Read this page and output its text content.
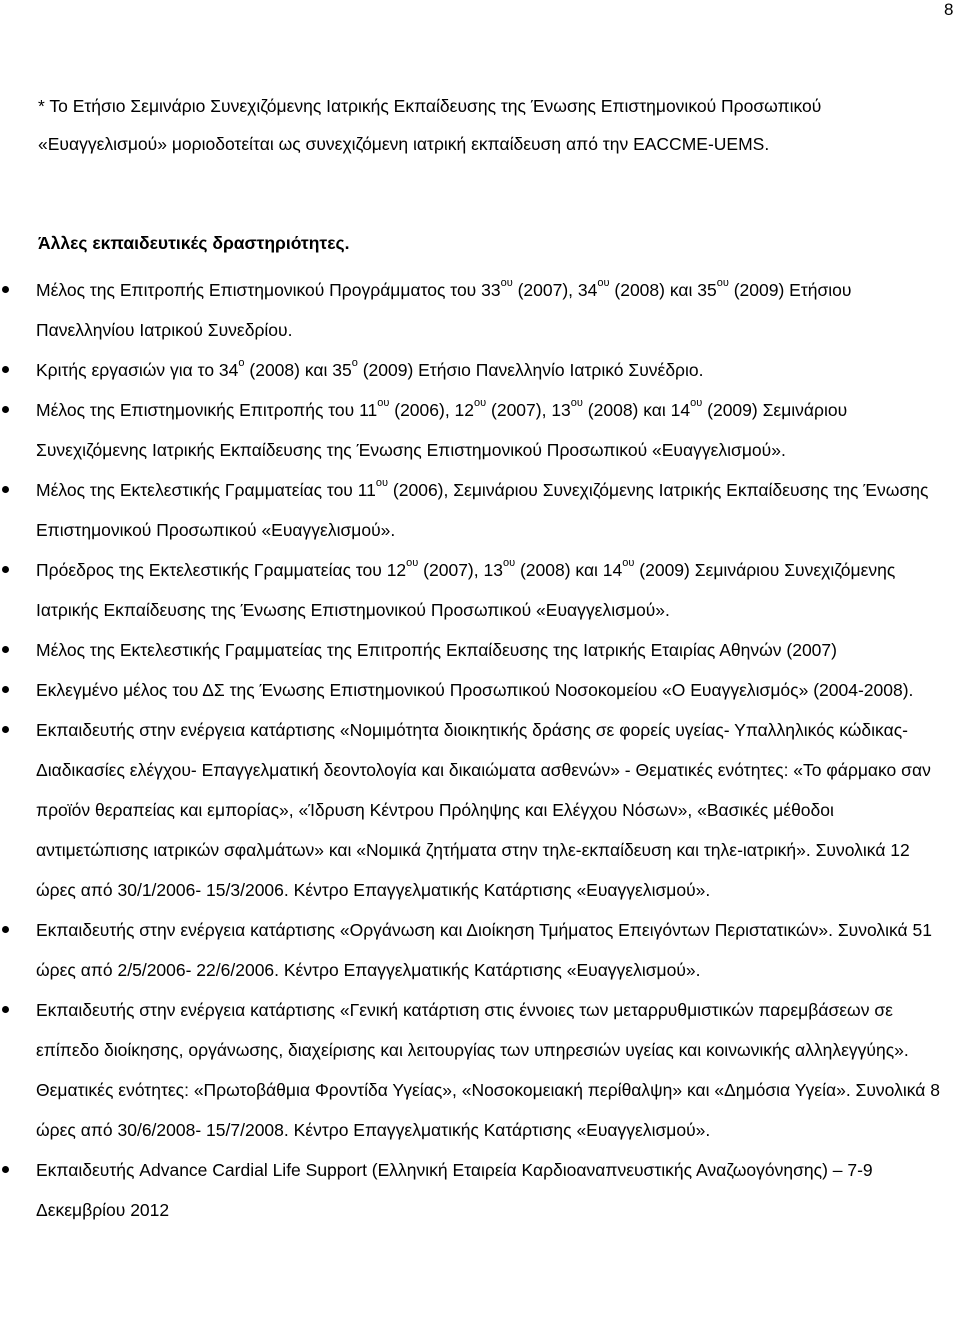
8

* Το Ετήσιο Σεμινάριο Συνεχιζόμενης Ιατρικής Εκπαίδευσης της Ένωσης Επιστημονικού Προσωπικού «Ευαγγελισμού» μοριοδοτείται ως συνεχιζόμενη ιατρική εκπαίδευση από την EACCME-UEMS.

Άλλες εκπαιδευτικές δραστηριότητες.
Μέλος της Επιτροπής Επιστημονικού Προγράμματος του $33^{o\upsilon}$ (2007), $34^{o\upsilon}$ (2008) και $35^{o\upsilon}$ (2009) Ετήσιου Πανελληνίου Ιατρικού Συνεδρίου.
Κριτής εργασιών για το $34^o$ (2008) και $35^o$ (2009) Ετήσιο Πανελληνίο Ιατρικό Συνέδριο.
Μέλος της Επιστημονικής Επιτροπής του $11^{o\upsilon}$ (2006), $12^{o\upsilon}$ (2007), $13^{o\upsilon}$ (2008) και $14^{o\upsilon}$ (2009) Σεμινάριου Συνεχιζόμενης Ιατρικής Εκπαίδευσης της Ένωσης Επιστημονικού Προσωπικού «Ευαγγελισμού».
Μέλος της Εκτελεστικής Γραμματείας του $11^{o\upsilon}$ (2006), Σεμινάριου Συνεχιζόμενης Ιατρικής Εκπαίδευσης της Ένωσης Επιστημονικού Προσωπικού «Ευαγγελισμού».
Πρόεδρος της Εκτελεστικής Γραμματείας του $12^{o\upsilon}$ (2007), $13^{o\upsilon}$ (2008) και $14^{o\upsilon}$ (2009) Σεμινάριου Συνεχιζόμενης Ιατρικής Εκπαίδευσης της Ένωσης Επιστημονικού Προσωπικού «Ευαγγελισμού».
Μέλος της Εκτελεστικής Γραμματείας της Επιτροπής Εκπαίδευσης της Ιατρικής Εταιρίας Αθηνών (2007)
Εκλεγμένο μέλος του ΔΣ της Ένωσης Επιστημονικού Προσωπικού Νοσοκομείου «Ο Ευαγγελισμός» (2004-2008).
Εκπαιδευτής στην ενέργεια κατάρτισης «Νομιμότητα διοικητικής δράσης σε φορείς υγείας- Υπαλληλικός κώδικας- Διαδικασίες ελέγχου- Επαγγελματική δεοντολογία και δικαιώματα ασθενών» - Θεματικές ενότητες: «Το φάρμακο σαν προϊόν θεραπείας και εμπορίας», «Ίδρυση Κέντρου Πρόληψης και Ελέγχου Νόσων», «Βασικές μέθοδοι αντιμετώπισης ιατρικών σφαλμάτων» και «Νομικά ζητήματα στην τηλε-εκπαίδευση και τηλε-ιατρική». Συνολικά 12 ώρες από 30/1/2006- 15/3/2006. Κέντρο Επαγγελματικής Κατάρτισης «Ευαγγελισμού».
Εκπαιδευτής στην ενέργεια κατάρτισης «Οργάνωση και Διοίκηση Τμήματος Επειγόντων Περιστατικών». Συνολικά 51 ώρες από 2/5/2006- 22/6/2006. Κέντρο Επαγγελματικής Κατάρτισης «Ευαγγελισμού».
Εκπαιδευτής στην ενέργεια κατάρτισης «Γενική κατάρτιση στις έννοιες των μεταρρυθμιστικών παρεμβάσεων σε επίπεδο διοίκησης, οργάνωσης, διαχείρισης και λειτουργίας των υπηρεσιών υγείας και κοινωνικής αλληλεγγύης». Θεματικές ενότητες: «Πρωτοβάθμια Φροντίδα Υγείας», «Νοσοκομειακή περίθαλψη» και «Δημόσια Υγεία». Συνολικά 8 ώρες από 30/6/2008- 15/7/2008. Κέντρο Επαγγελματικής Κατάρτισης «Ευαγγελισμού».
Εκπαιδευτής Advance Cardial Life Support (Ελληνική Εταιρεία Καρδιοαναπνευστικής Αναζωογόνησης) – 7-9 Δεκεμβρίου 2012
